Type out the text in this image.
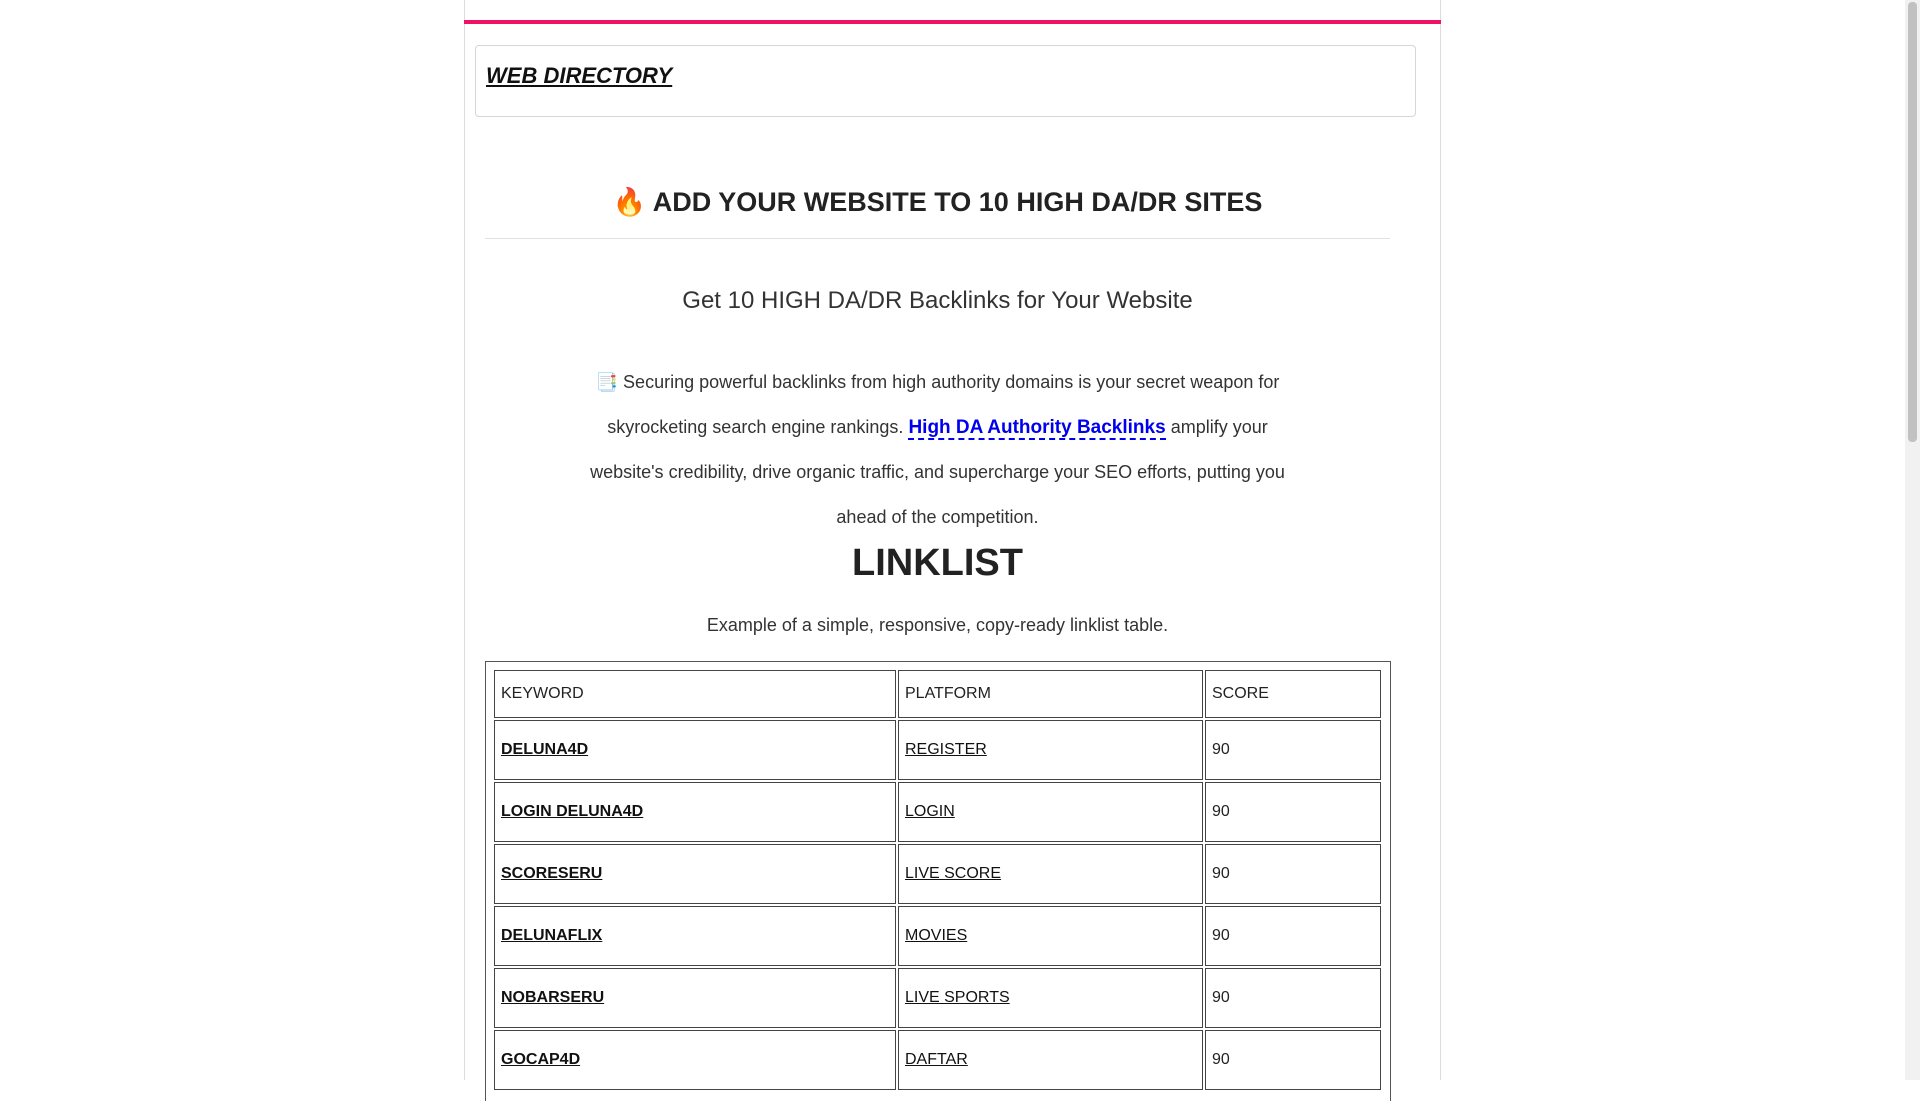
WEB DIRECTORY
🔥 ADD YOUR WEBSITE TO 10 HIGH DA/DR SITES
Get 10 HIGH DA/DR Backlinks for Your Website
📑 Securing powerful backlinks from high authority domains is your secret weapon for skyrocketing search engine rankings. High DA Authority Backlinks amplify your website's credibility, drive organic traffic, and supercharge your SEO efforts, putting you ahead of the competition.
LINKLIST
Example of a simple, responsive, copy-ready linklist table.
KEYWORD	PLATFORM	SCORE
DELUNA4D	REGISTER	90
LOGIN DELUNA4D	LOGIN	90
SCORESERU	LIVE SCORE	90
DELUNAFLIX	MOVIES	90
NOBARSERU	LIVE SPORTS	90
GOCAP4D	DAFTAR	90
